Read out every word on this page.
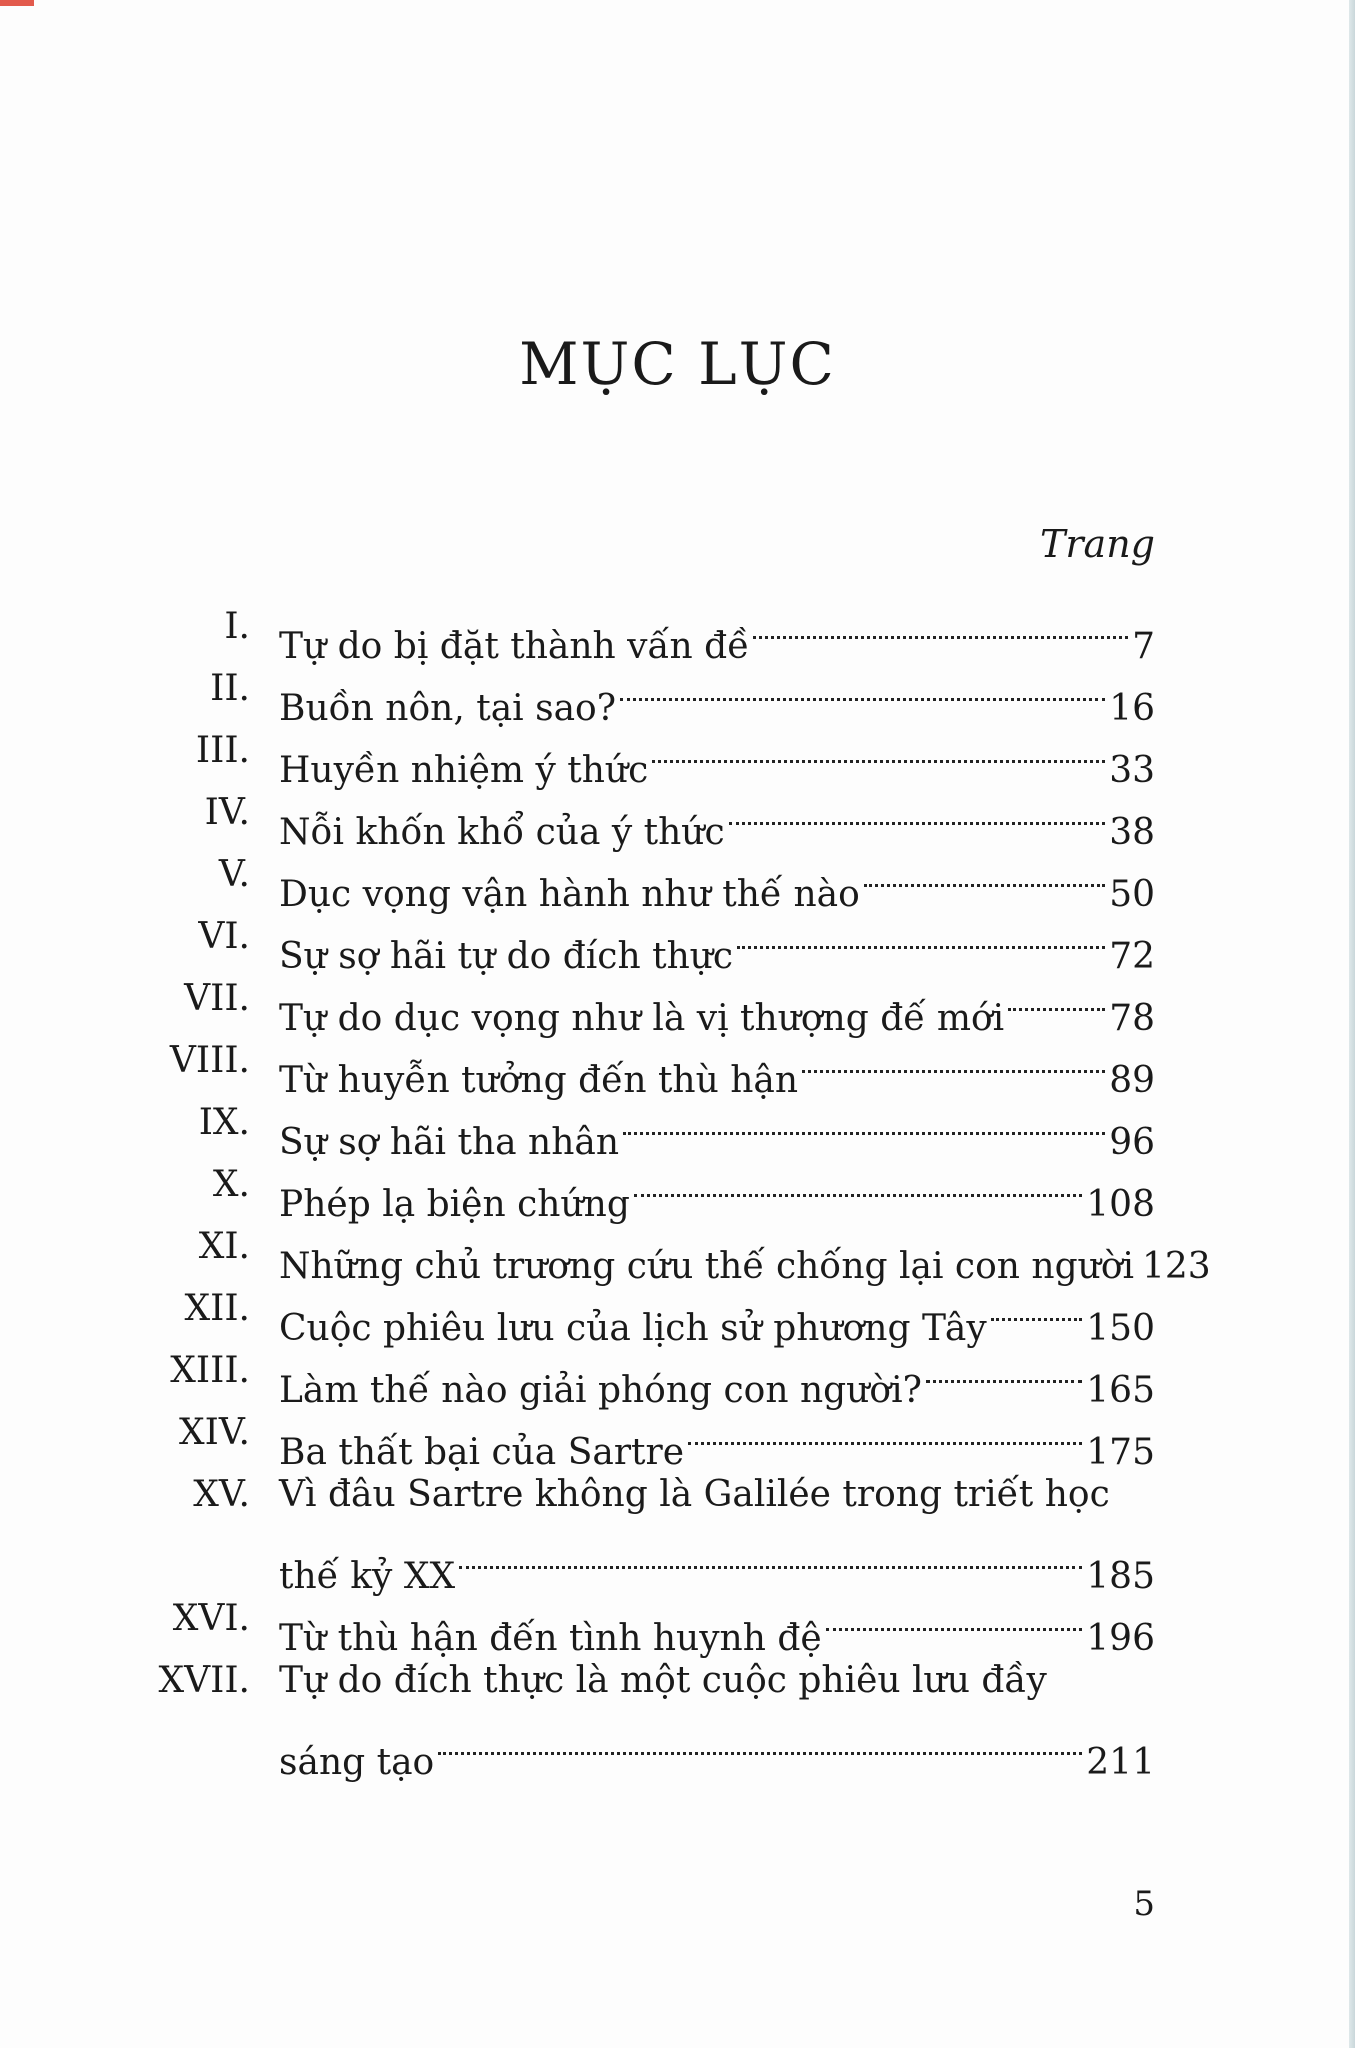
MỤC LỤC
Trang
I. Tự do bị đặt thành vấn đề	7
II. Buồn nôn, tại sao?	16
III. Huyền nhiệm ý thức	33
IV. Nỗi khốn khổ của ý thức	38
V. Dục vọng vận hành như thế nào	50
VI. Sự sợ hãi tự do đích thực	72
VII. Tự do dục vọng như là vị thượng đế mới	78
VIII. Từ huyễn tưởng đến thù hận	89
IX. Sự sợ hãi tha nhân	96
X. Phép lạ biện chứng	108
XI. Những chủ trương cứu thế chống lại con người 123
XII. Cuộc phiêu lưu của lịch sử phương Tây	150
XIII. Làm thế nào giải phóng con người?	165
XIV. Ba thất bại của Sartre	175
XV. Vì đâu Sartre không là Galilée trong triết học
thế kỷ XX	185
XVI. Từ thù hận đến tình huynh đệ	196
XVII. Tự do đích thực là một cuộc phiêu lưu đầy
sáng tạo	211
5
